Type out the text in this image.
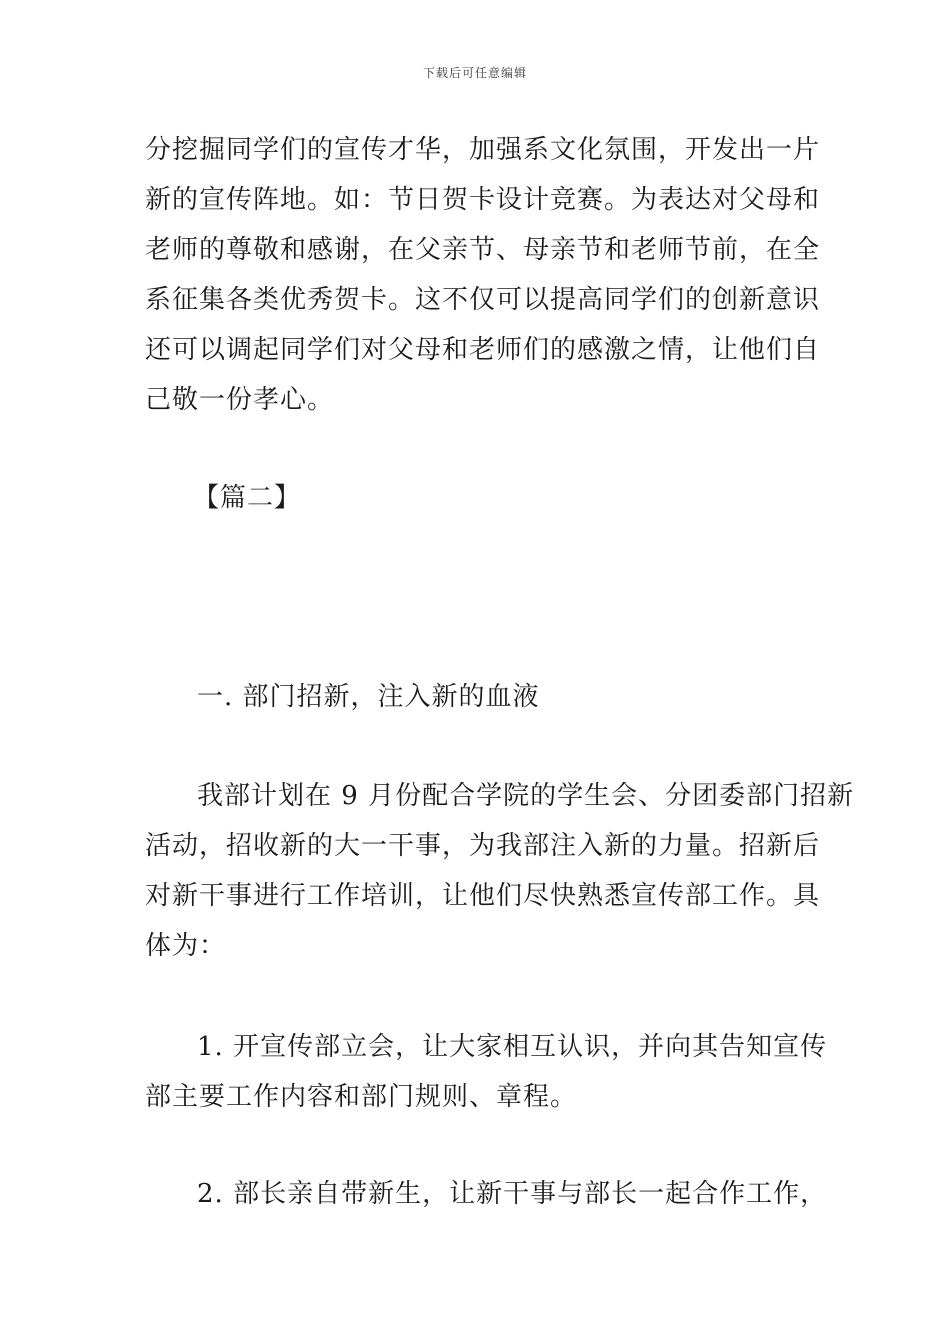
下载后可任意编辑
分挖掘同学们的宣传才华，加强系文化氛围，开发出一片
新的宣传阵地。如：节日贺卡设计竞赛。为表达对父母和
老师的尊敬和感谢，在父亲节、母亲节和老师节前，在全
系征集各类优秀贺卡。这不仅可以提高同学们的创新意识
还可以调起同学们对父母和老师们的感激之情，让他们自
己敬一份孝心。
【篇二】
一. 部门招新，注入新的血液
我部计划在 9 月份配合学院的学生会、分团委部门招新
活动，招收新的大一干事，为我部注入新的力量。招新后
对新干事进行工作培训，让他们尽快熟悉宣传部工作。具
体为：
1. 开宣传部立会，让大家相互认识，并向其告知宣传
部主要工作内容和部门规则、章程。
2. 部长亲自带新生，让新干事与部长一起合作工作，
